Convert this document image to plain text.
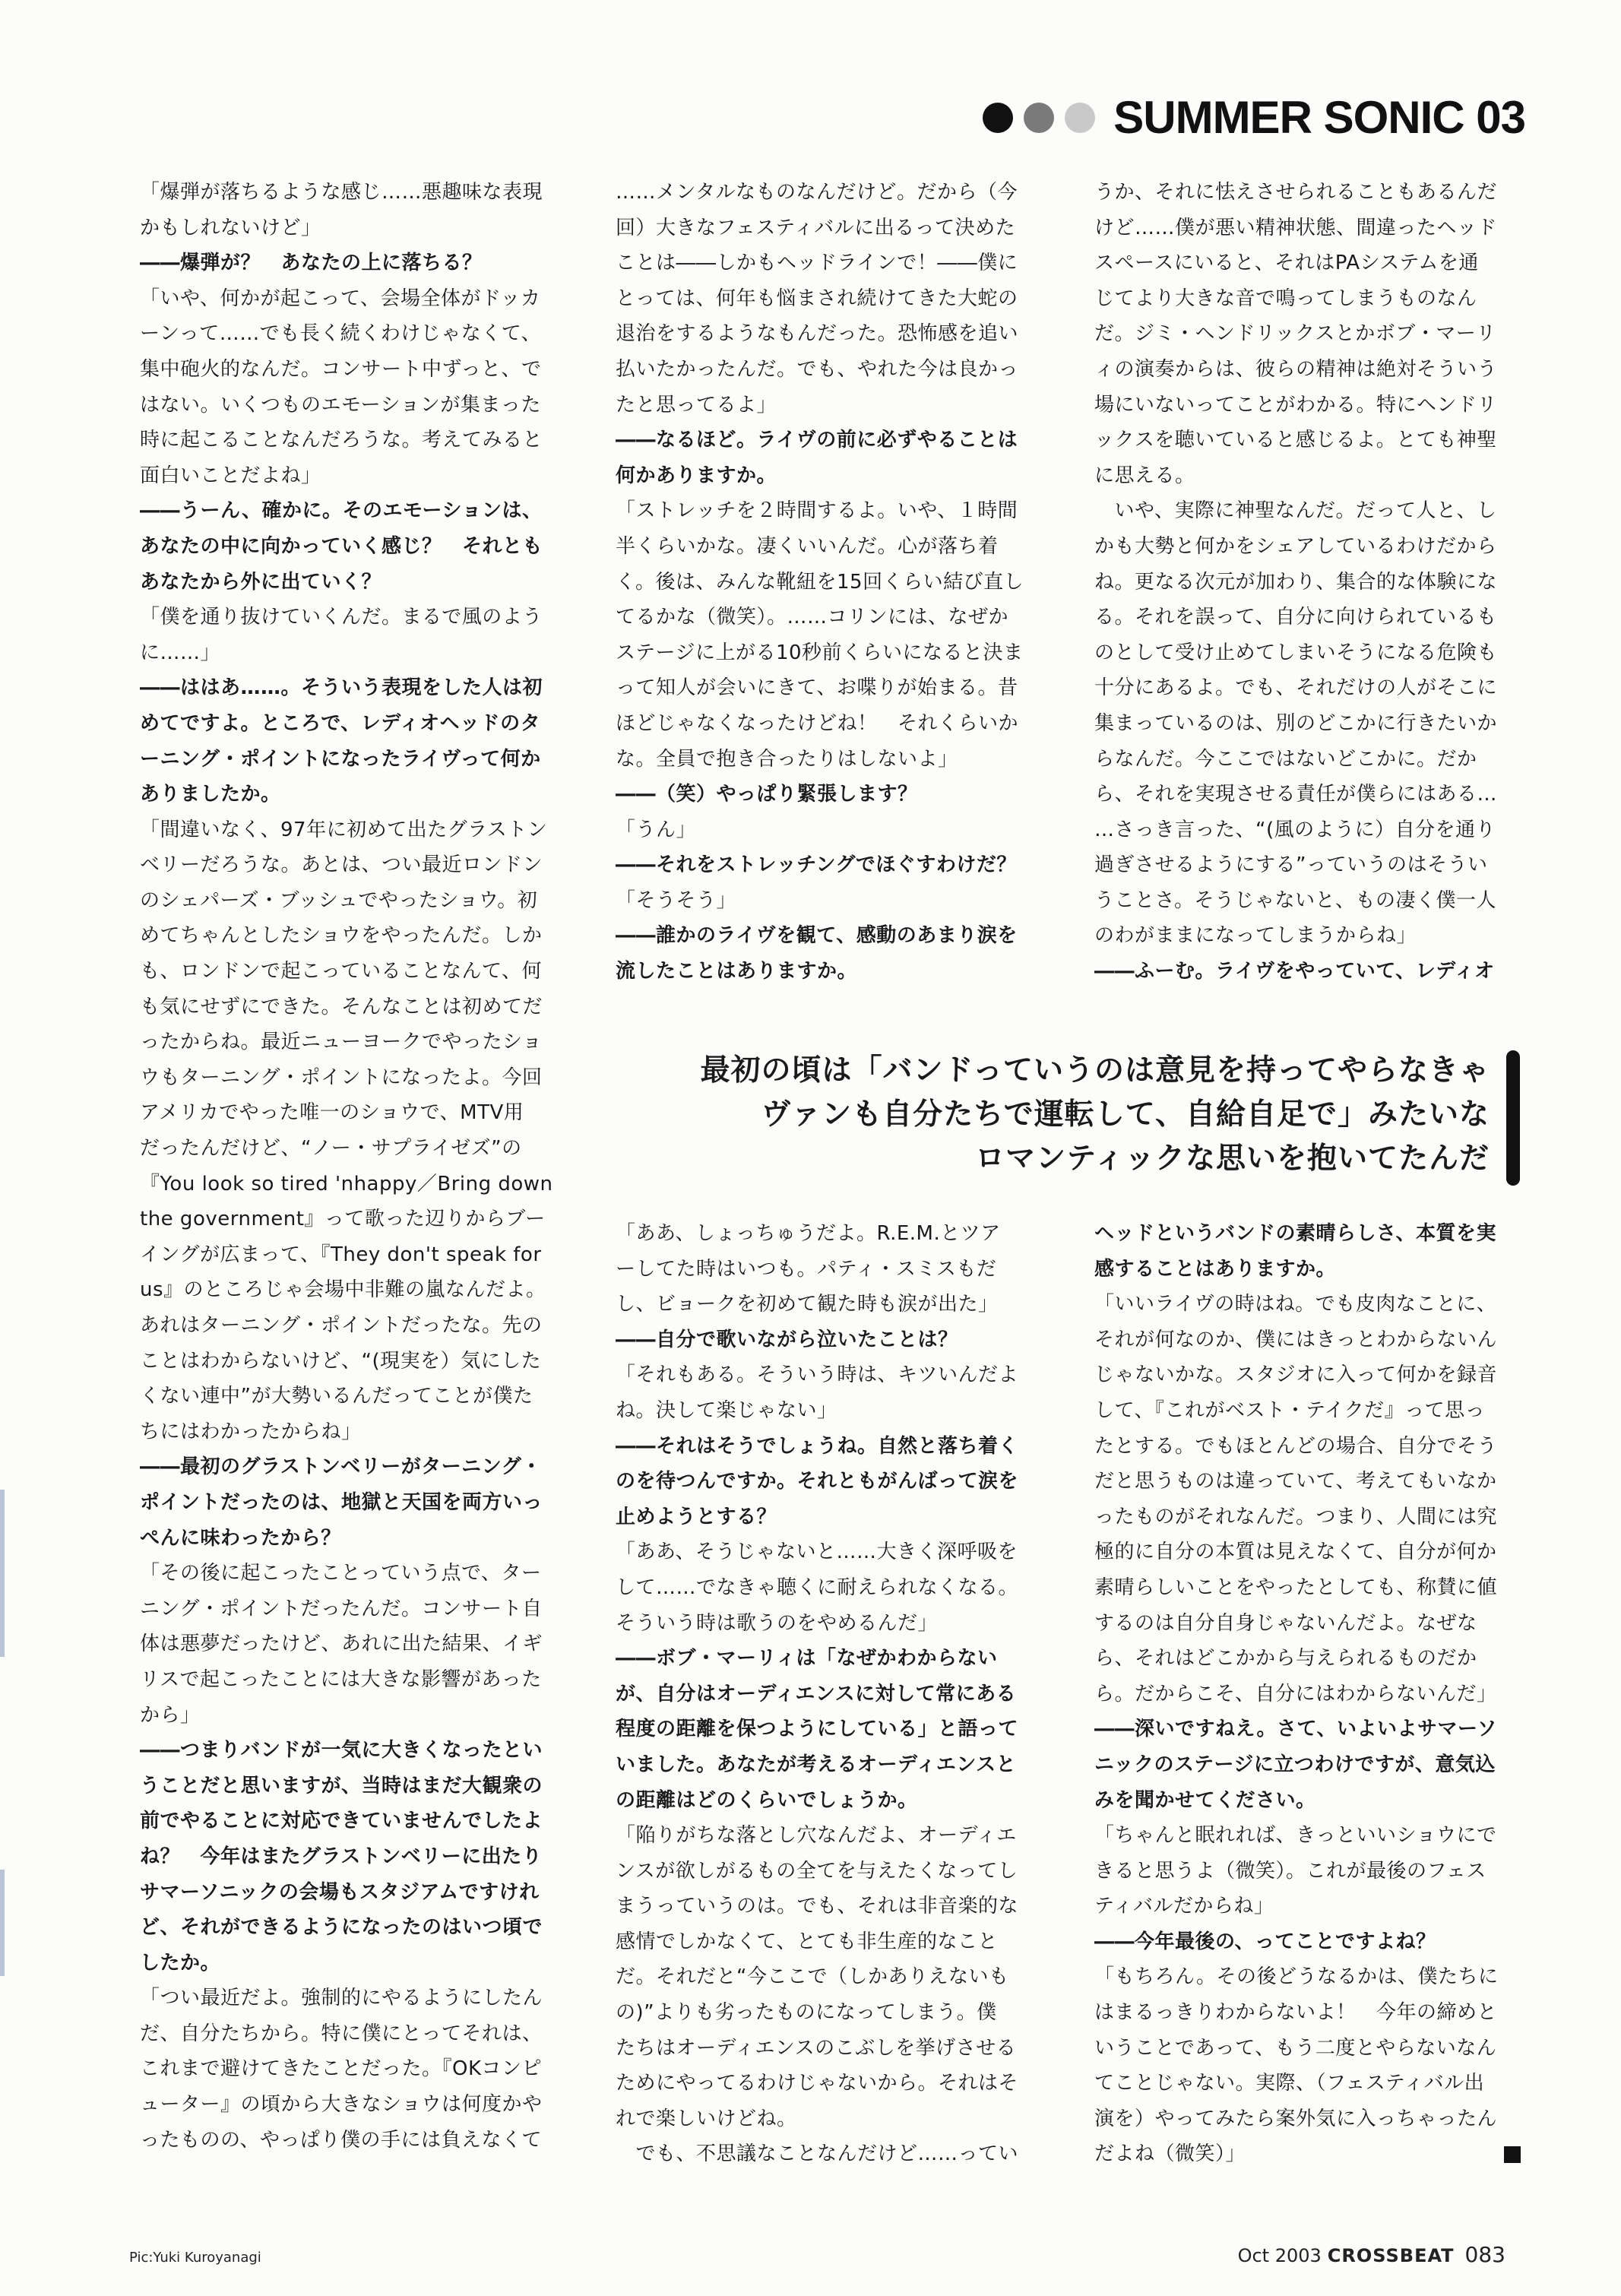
SUMMER SONIC 03

「爆弾が落ちるような感じ……悪趣味な表現

かもしれないけど」

――爆弾が？　あなたの上に落ちる？

「いや、何かが起こって、会場全体がドッカ

ーンって……でも長く続くわけじゃなくて、

集中砲火的なんだ。コンサート中ずっと、で

はない。いくつものエモーションが集まった

時に起こることなんだろうな。考えてみると

面白いことだよね」

――うーん、確かに。そのエモーションは、

あなたの中に向かっていく感じ？　それとも

あなたから外に出ていく？

「僕を通り抜けていくんだ。まるで風のよう

に……」

――ははあ……。そういう表現をした人は初

めてですよ。ところで、レディオヘッドのタ

ーニング・ポイントになったライヴって何か

ありましたか。

「間違いなく、97年に初めて出たグラストン

ベリーだろうな。あとは、つい最近ロンドン

のシェパーズ・ブッシュでやったショウ。初

めてちゃんとしたショウをやったんだ。しか

も、ロンドンで起こっていることなんて、何

も気にせずにできた。そんなことは初めてだ

ったからね。最近ニューヨークでやったショ

ウもターニング・ポイントになったよ。今回

アメリカでやった唯一のショウで、MTV用

だったんだけど、“ノー・サプライゼズ”の

『You look so tired 'nhappy／Bring down

the government』って歌った辺りからブー

イングが広まって、『They don't speak for

us』のところじゃ会場中非難の嵐なんだよ。

あれはターニング・ポイントだったな。先の

ことはわからないけど、“(現実を）気にした

くない連中”が大勢いるんだってことが僕た

ちにはわかったからね」

――最初のグラストンベリーがターニング・

ポイントだったのは、地獄と天国を両方いっ

ぺんに味わったから？

「その後に起こったことっていう点で、ター

ニング・ポイントだったんだ。コンサート自

体は悪夢だったけど、あれに出た結果、イギ

リスで起こったことには大きな影響があった

から」

――つまりバンドが一気に大きくなったとい

うことだと思いますが、当時はまだ大観衆の

前でやることに対応できていませんでしたよ

ね？　今年はまたグラストンベリーに出たり

サマーソニックの会場もスタジアムですけれ

ど、それができるようになったのはいつ頃で

したか。

「つい最近だよ。強制的にやるようにしたん

だ、自分たちから。特に僕にとってそれは、

これまで避けてきたことだった。『OKコンピ

ューター』の頃から大きなショウは何度かや

ったものの、やっぱり僕の手には負えなくて

……メンタルなものなんだけど。だから（今

回）大きなフェスティバルに出るって決めた

ことは――しかもヘッドラインで！――僕に

とっては、何年も悩まされ続けてきた大蛇の

退治をするようなもんだった。恐怖感を追い

払いたかったんだ。でも、やれた今は良かっ

たと思ってるよ」

――なるほど。ライヴの前に必ずやることは

何かありますか。

「ストレッチを２時間するよ。いや、１時間

半くらいかな。凄くいいんだ。心が落ち着

く。後は、みんな靴紐を15回くらい結び直し

てるかな（微笑）。……コリンには、なぜか

ステージに上がる10秒前くらいになると決ま

って知人が会いにきて、お喋りが始まる。昔

ほどじゃなくなったけどね！　それくらいか

な。全員で抱き合ったりはしないよ」

――（笑）やっぱり緊張します？

「うん」

――それをストレッチングでほぐすわけだ？

「そうそう」

――誰かのライヴを観て、感動のあまり涙を

流したことはありますか。

うか、それに怯えさせられることもあるんだ

けど……僕が悪い精神状態、間違ったヘッド

スペースにいると、それはPAシステムを通

じてより大きな音で鳴ってしまうものなん

だ。ジミ・ヘンドリックスとかボブ・マーリ

ィの演奏からは、彼らの精神は絶対そういう

場にいないってことがわかる。特にヘンドリ

ックスを聴いていると感じるよ。とても神聖

に思える。

　いや、実際に神聖なんだ。だって人と、し

かも大勢と何かをシェアしているわけだから

ね。更なる次元が加わり、集合的な体験にな

る。それを誤って、自分に向けられているも

のとして受け止めてしまいそうになる危険も

十分にあるよ。でも、それだけの人がそこに

集まっているのは、別のどこかに行きたいか

らなんだ。今ここではないどこかに。だか

ら、それを実現させる責任が僕らにはある…

…さっき言った、“(風のように）自分を通り

過ぎさせるようにする”っていうのはそうい

うことさ。そうじゃないと、もの凄く僕一人

のわがままになってしまうからね」

――ふーむ。ライヴをやっていて、レディオ

最初の頃は「バンドっていうのは意見を持ってやらなきゃ

ヴァンも自分たちで運転して、自給自足で」みたいな

ロマンティックな思いを抱いてたんだ

「ああ、しょっちゅうだよ。R.E.M.とツア

ーしてた時はいつも。パティ・スミスもだ

し、ビョークを初めて観た時も涙が出た」

――自分で歌いながら泣いたことは？

「それもある。そういう時は、キツいんだよ

ね。決して楽じゃない」

――それはそうでしょうね。自然と落ち着く

のを待つんですか。それともがんばって涙を

止めようとする？

「ああ、そうじゃないと……大きく深呼吸を

して……でなきゃ聴くに耐えられなくなる。

そういう時は歌うのをやめるんだ」

――ボブ・マーリィは「なぜかわからない

が、自分はオーディエンスに対して常にある

程度の距離を保つようにしている」と語って

いました。あなたが考えるオーディエンスと

の距離はどのくらいでしょうか。

「陥りがちな落とし穴なんだよ、オーディエ

ンスが欲しがるもの全てを与えたくなってし

まうっていうのは。でも、それは非音楽的な

感情でしかなくて、とても非生産的なこと

だ。それだと“今ここで（しかありえないも

の)”よりも劣ったものになってしまう。僕

たちはオーディエンスのこぶしを挙げさせる

ためにやってるわけじゃないから。それはそ

れで楽しいけどね。

　でも、不思議なことなんだけど……ってい

ヘッドというバンドの素晴らしさ、本質を実

感することはありますか。

「いいライヴの時はね。でも皮肉なことに、

それが何なのか、僕にはきっとわからないん

じゃないかな。スタジオに入って何かを録音

して、『これがベスト・テイクだ』って思っ

たとする。でもほとんどの場合、自分でそう

だと思うものは違っていて、考えてもいなか

ったものがそれなんだ。つまり、人間には究

極的に自分の本質は見えなくて、自分が何か

素晴らしいことをやったとしても、称賛に値

するのは自分自身じゃないんだよ。なぜな

ら、それはどこかから与えられるものだか

ら。だからこそ、自分にはわからないんだ」

――深いですねえ。さて、いよいよサマーソ

ニックのステージに立つわけですが、意気込

みを聞かせてください。

「ちゃんと眠れれば、きっといいショウにで

きると思うよ（微笑）。これが最後のフェス

ティバルだからね」

――今年最後の、ってことですよね？

「もちろん。その後どうなるかは、僕たちに

はまるっきりわからないよ！　今年の締めと

いうことであって、もう二度とやらないなん

てことじゃない。実際、（フェスティバル出

演を）やってみたら案外気に入っちゃったん

だよね（微笑）」

Pic:Yuki Kuroyanagi	Oct 2003 CROSSBEAT 083
